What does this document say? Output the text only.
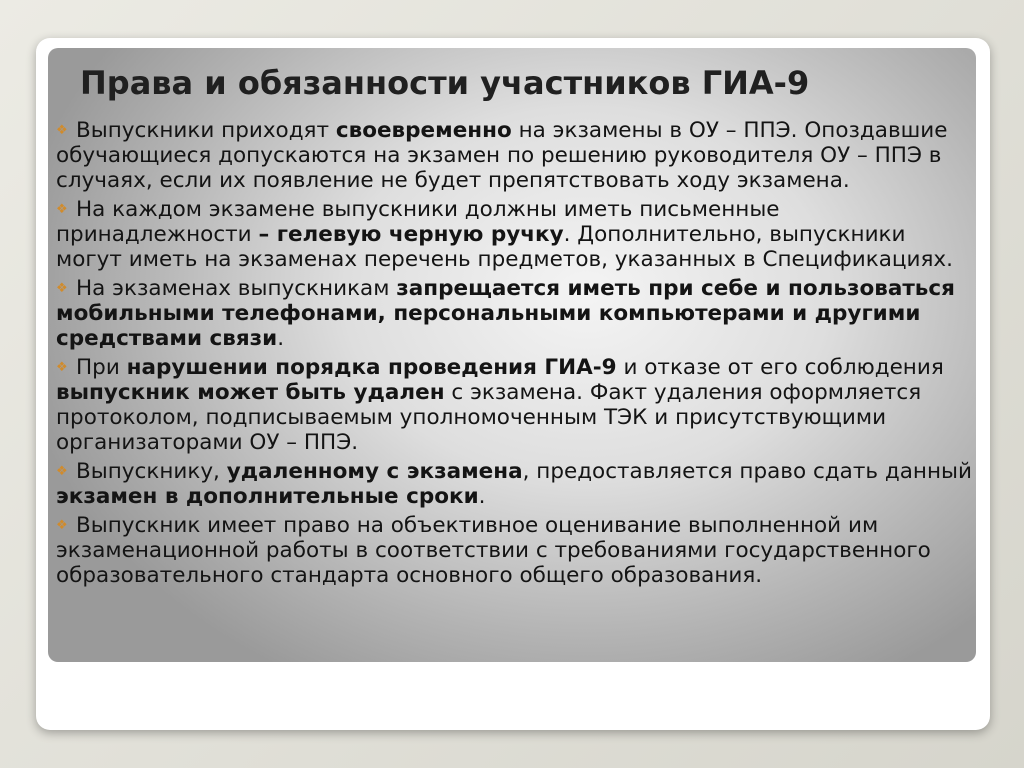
Права и обязанности участников ГИА-9
❖ Выпускники приходят своевременно на экзамены в ОУ – ППЭ. Опоздавшие обучающиеся допускаются на экзамен по решению руководителя ОУ – ППЭ в случаях, если их появление не будет препятствовать ходу экзамена.
❖ На каждом экзамене выпускники должны иметь письменные принадлежности – гелевую черную ручку. Дополнительно, выпускники могут иметь на экзаменах перечень предметов, указанных в Спецификациях.
❖ На экзаменах выпускникам запрещается иметь при себе и пользоваться мобильными телефонами, персональными компьютерами и другими средствами связи.
❖ При нарушении порядка проведения ГИА-9 и отказе от его соблюдения выпускник может быть удален с экзамена. Факт удаления оформляется протоколом, подписываемым уполномоченным ТЭК и присутствующими организаторами ОУ – ППЭ.
❖ Выпускнику, удаленному с экзамена, предоставляется право сдать данный экзамен в дополнительные сроки.
❖ Выпускник имеет право на объективное оценивание выполненной им экзаменационной работы в соответствии с требованиями государственного образовательного стандарта основного общего образования.
